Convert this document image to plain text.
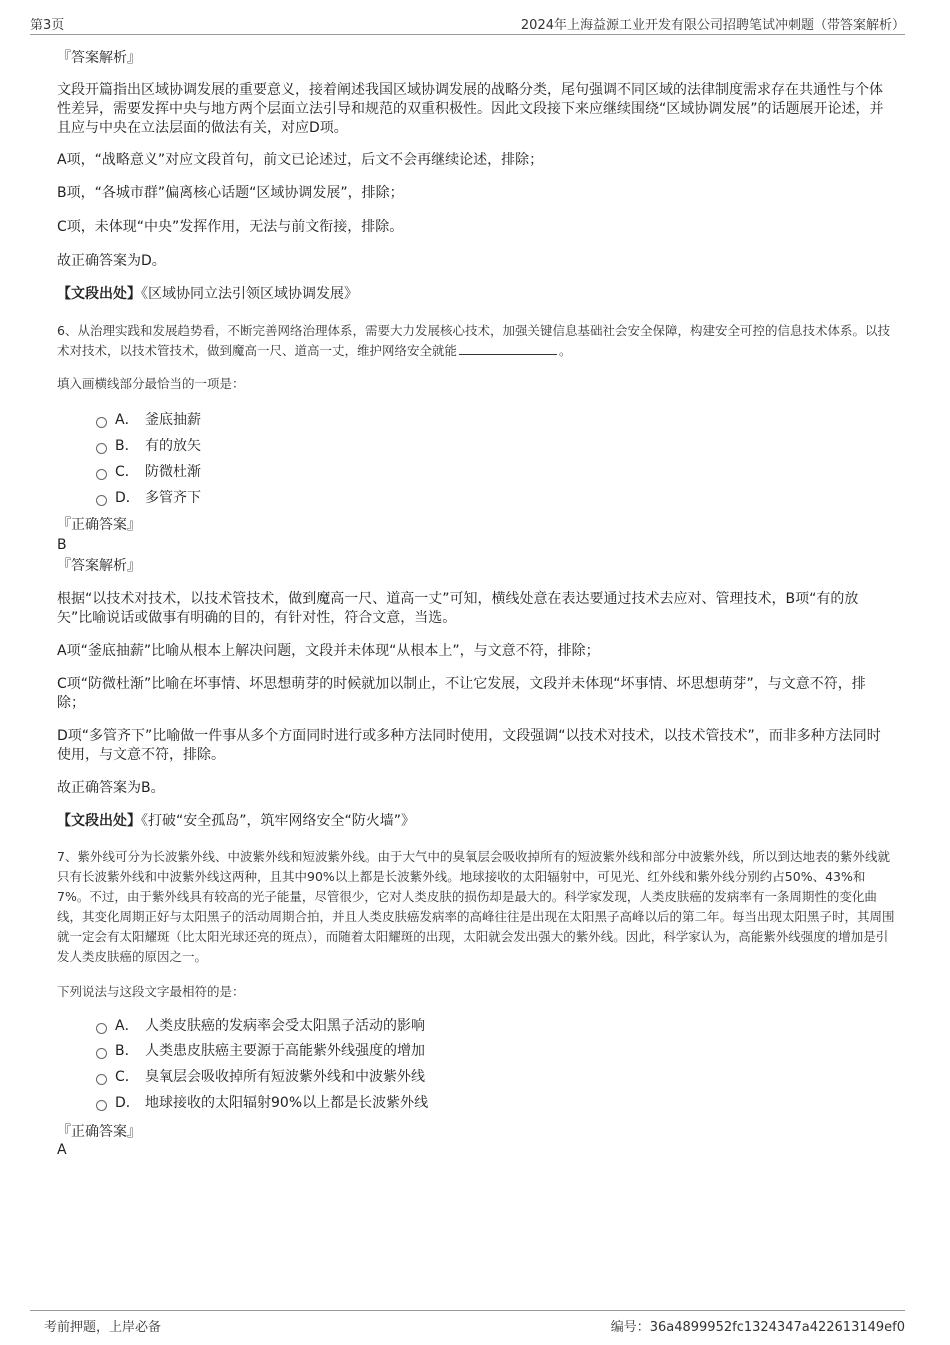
第3页	2024年上海益源工业开发有限公司招聘笔试冲刺题（带答案解析）
『答案解析』
文段开篇指出区域协调发展的重要意义，接着阐述我国区域协调发展的战略分类，尾句强调不同区域的法律制度需求存在共通性与个体性差异，需要发挥中央与地方两个层面立法引导和规范的双重积极性。因此文段接下来应继续围绕“区域协调发展”的话题展开论述，并且应与中央在立法层面的做法有关，对应D项。
A项，“战略意义”对应文段首句，前文已论述过，后文不会再继续论述，排除；
B项，“各城市群”偏离核心话题“区域协调发展”，排除；
C项，未体现“中央”发挥作用，无法与前文衔接，排除。
故正确答案为D。
【文段出处】《区域协同立法引领区域协调发展》
6、从治理实践和发展趋势看，不断完善网络治理体系，需要大力发展核心技术，加强关键信息基础社会安全保障，构建安全可控的信息技术体系。以技术对技术，以技术管技术，做到魔高一尺、道高一丈，维护网络安全就能	。
填入画横线部分最恰当的一项是：
A． 釜底抽薪
B． 有的放矢
C． 防微杜渐
D． 多管齐下
『正确答案』
B
『答案解析』
根据“以技术对技术，以技术管技术，做到魔高一尺、道高一丈”可知，横线处意在表达要通过技术去应对、管理技术，B项“有的放矢”比喻说话或做事有明确的目的，有针对性，符合文意，当选。
A项“釜底抽薪”比喻从根本上解决问题，文段并未体现“从根本上”，与文意不符，排除；
C项“防微杜渐”比喻在坏事情、坏思想萌芽的时候就加以制止，不让它发展，文段并未体现“坏事情、坏思想萌芽”，与文意不符，排除；
D项“多管齐下”比喻做一件事从多个方面同时进行或多种方法同时使用，文段强调“以技术对技术，以技术管技术”，而非多种方法同时使用，与文意不符，排除。
故正确答案为B。
【文段出处】《打破“安全孤岛”，筑牢网络安全“防火墙”》
7、紫外线可分为长波紫外线、中波紫外线和短波紫外线。由于大气中的臭氧层会吸收掉所有的短波紫外线和部分中波紫外线，所以到达地表的紫外线就只有长波紫外线和中波紫外线这两种，且其中90%以上都是长波紫外线。地球接收的太阳辐射中，可见光、红外线和紫外线分别约占50%、43%和7%。不过，由于紫外线具有较高的光子能量，尽管很少，它对人类皮肤的损伤却是最大的。科学家发现，人类皮肤癌的发病率有一条周期性的变化曲线，其变化周期正好与太阳黑子的活动周期合拍，并且人类皮肤癌发病率的高峰往往是出现在太阳黑子高峰以后的第二年。每当出现太阳黑子时，其周围就一定会有太阳耀斑（比太阳光球还亮的斑点），而随着太阳耀斑的出现，太阳就会发出强大的紫外线。因此，科学家认为，高能紫外线强度的增加是引发人类皮肤癌的原因之一。
下列说法与这段文字最相符的是：
A． 人类皮肤癌的发病率会受太阳黑子活动的影响
B． 人类患皮肤癌主要源于高能紫外线强度的增加
C． 臭氧层会吸收掉所有短波紫外线和中波紫外线
D． 地球接收的太阳辐射90%以上都是长波紫外线
『正确答案』
A
考前押题，上岸必备	编号：36a4899952fc1324347a422613149ef0
